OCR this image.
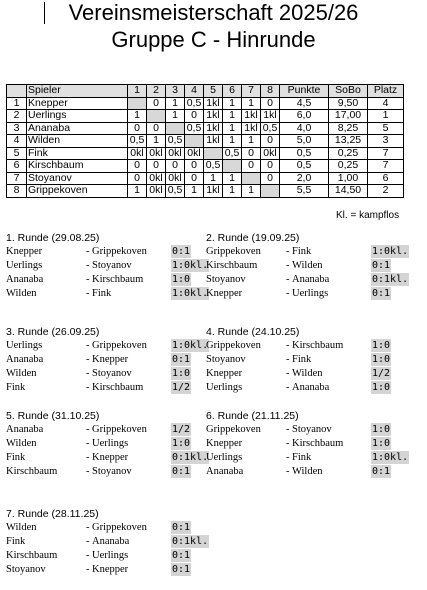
Vereinsmeisterschaft 2025/26
Gruppe C - Hinrunde
	Spieler	1	2	3	4	5	6	7	8	Punkte	SoBo	Platz
1	Knepper		0	1	0,5	1kl	1	1	0	4,5	9,50	4
2	Uerlings	1		1	0	1kl	1	1kl	1kl	6,0	17,00	1
3	Ananaba	0	0		0,5	1kl	1	1kl	0,5	4,0	8,25	5
4	Wilden	0,5	1	0,5		1kl	1	1	0	5,0	13,25	3
5	Fink	0kl	0kl	0kl	0kl		0,5	0	0kl	0,5	0,25	7
6	Kirschbaum	0	0	0	0	0,5		0	0	0,5	0,25	7
7	Stoyanov	0	0kl	0kl	0	1	1		0	2,0	1,00	6
8	Grippekoven	1	0kl	0,5	1	1kl	1	1		5,5	14,50	2
Kl. = kampflos
1. Runde (29.08.25)
Knepper	- Grippekoven	0:1
Uerlings	- Stoyanov	1:0kl.
Ananaba	- Kirschbaum	1:0
Wilden	- Fink	1:0kl.
2. Runde (19.09.25)
Grippekoven - Fink	1:0kl.
Kirschbaum	- Wilden	0:1
Stoyanov	- Ananaba	0:1kl.
Knepper	- Uerlings	0:1
3. Runde (26.09.25)
Uerlings	- Grippekoven	1:0kl.
Ananaba	- Knepper	0:1
Wilden	- Stoyanov	1:0
Fink	- Kirschbaum	1/2
4. Runde (24.10.25)
Grippekoven - Kirschbaum	1:0
Stoyanov	- Fink	1:0
Knepper	- Wilden	1/2
Uerlings	- Ananaba	1:0
5. Runde (31.10.25)
Ananaba	- Grippekoven	1/2
Wilden	- Uerlings	1:0
Fink	- Knepper	0:1kl.
Kirschbaum	- Stoyanov	0:1
6. Runde (21.11.25)
Grippekoven - Stoyanov	1:0
Knepper	- Kirschbaum	1:0
Uerlings	- Fink	1:0kl.
Ananaba	- Wilden	0:1
7. Runde (28.11.25)
Wilden	- Grippekoven	0:1
Fink	- Ananaba	0:1kl.
Kirschbaum	- Uerlings	0:1
Stoyanov	- Knepper	0:1
